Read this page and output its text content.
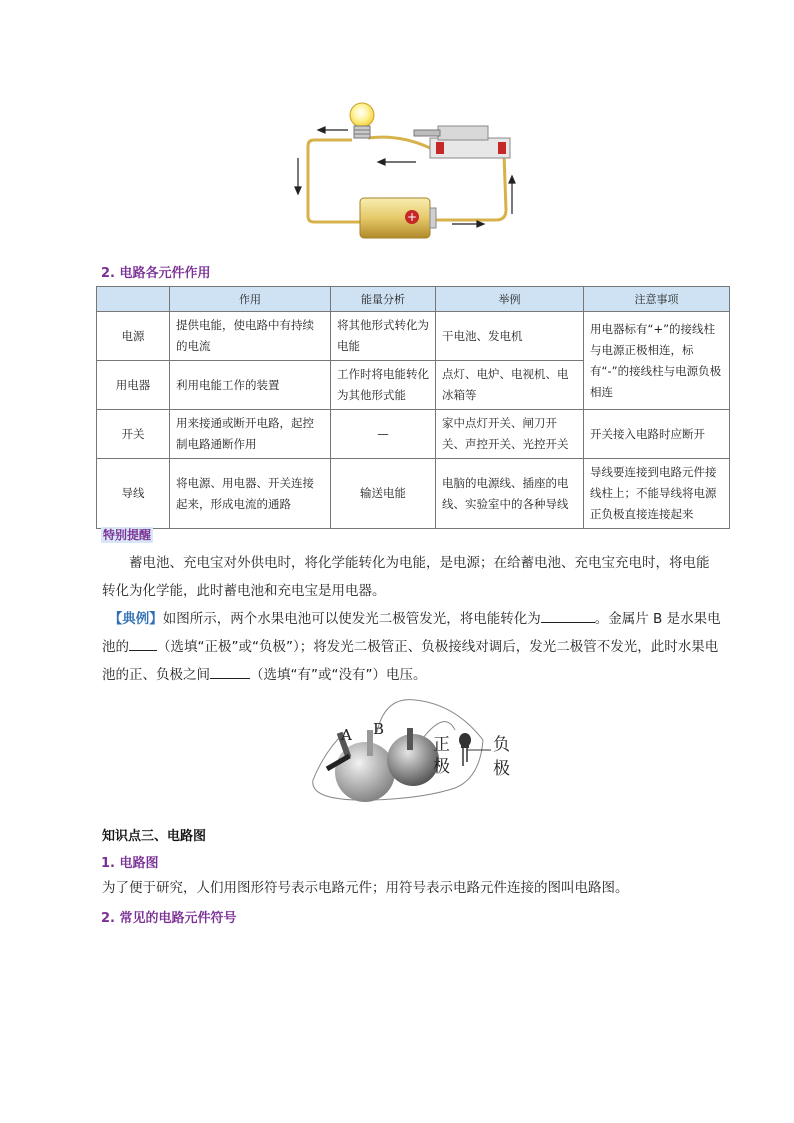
+
2. 电路各元件作用
	作用	能量分析	举例	注意事项
电源	提供电能，使电路中有持续的电流	将其他形式转化为电能	干电池、发电机	用电器标有“+”的接线柱与电源正极相连，标有“-”的接线柱与电源负极相连
用电器	利用电能工作的装置	工作时将电能转化为其他形式能	点灯、电炉、电视机、电冰箱等	
开关	用来接通或断开电路，起控制电路通断作用	—	家中点灯开关、闸刀开关、声控开关、光控开关	开关接入电路时应断开
导线	将电源、用电器、开关连接起来，形成电流的通路	输送电能	电脑的电源线、插座的电线、实验室中的各种导线	导线要连接到电路元件接线柱上；不能导线将电源正负极直接连接起来
特别提醒

蓄电池、充电宝对外供电时，将化学能转化为电能，是电源；在给蓄电池、充电宝充电时，将电能转化为化学能，此时蓄电池和充电宝是用电器。

【典例】如图所示，两个水果电池可以使发光二极管发光，将电能转化为	。金属片 B 是水果电池的 （选填“正极”或“负极”）；将发光二极管正、负极接线对调后，发光二极管不发光，此时水果电池的正、负极之间	（选填“有”或“没有”）电压。

A B
正
极
负
极
知识点三、电路图
1. 电路图

为了便于研究，人们用图形符号表示电路元件；用符号表示电路元件连接的图叫电路图。

2. 常见的电路元件符号
